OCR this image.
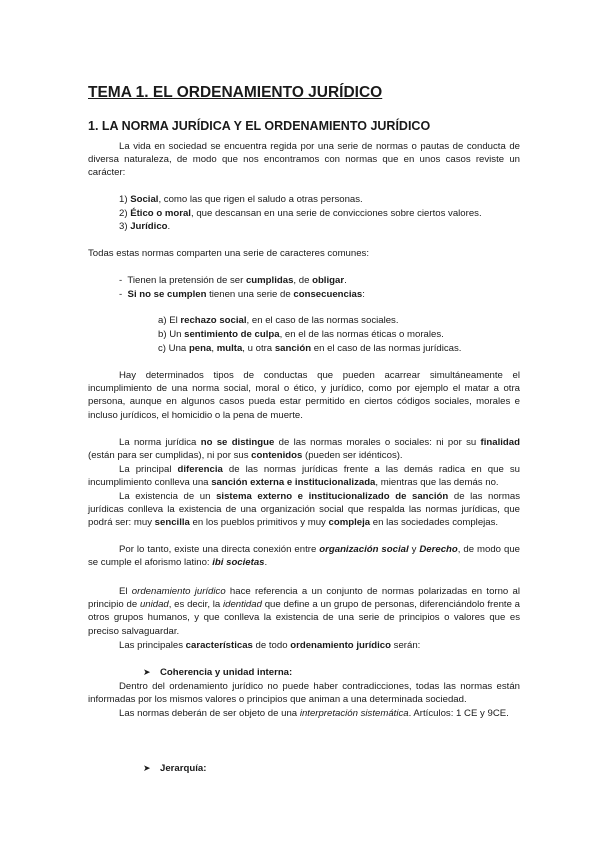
TEMA 1. EL ORDENAMIENTO JURÍDICO
1. LA NORMA JURÍDICA Y EL ORDENAMIENTO JURÍDICO
La vida en sociedad se encuentra regida por una serie de normas o pautas de conducta de diversa naturaleza, de modo que nos encontramos con normas que en unos casos reviste un carácter:
1) Social, como las que rigen el saludo a otras personas.
2) Ético o moral, que descansan en una serie de convicciones sobre ciertos valores.
3) Jurídico.
Todas estas normas comparten una serie de caracteres comunes:
- Tienen la pretensión de ser cumplidas, de obligar.
- Si no se cumplen tienen una serie de consecuencias:
a) El rechazo social, en el caso de las normas sociales.
b) Un sentimiento de culpa, en el de las normas éticas o morales.
c) Una pena, multa, u otra sanción en el caso de las normas jurídicas.
Hay determinados tipos de conductas que pueden acarrear simultáneamente el incumplimiento de una norma social, moral o ético, y jurídico, como por ejemplo el matar a otra persona, aunque en algunos casos pueda estar permitido en ciertos códigos sociales, morales e incluso jurídicos, el homicidio o la pena de muerte.
La norma jurídica no se distingue de las normas morales o sociales: ni por su finalidad (están para ser cumplidas), ni por sus contenidos (pueden ser idénticos).
La principal diferencia de las normas jurídicas frente a las demás radica en que su incumplimiento conlleva una sanción externa e institucionalizada, mientras que las demás no.
La existencia de un sistema externo e institucionalizado de sanción de las normas jurídicas conlleva la existencia de una organización social que respalda las normas jurídicas, que podrá ser: muy sencilla en los pueblos primitivos y muy compleja en las sociedades complejas.
Por lo tanto, existe una directa conexión entre organización social y Derecho, de modo que se cumple el aforismo latino: ibi societas.
El ordenamiento jurídico hace referencia a un conjunto de normas polarizadas en torno al principio de unidad, es decir, la identidad que define a un grupo de personas, diferenciándolo frente a otros grupos humanos, y que conlleva la existencia de una serie de principios o valores que es preciso salvaguardar.
Las principales características de todo ordenamiento jurídico serán:
➤ Coherencia y unidad interna:
Dentro del ordenamiento jurídico no puede haber contradicciones, todas las normas están informadas por los mismos valores o principios que animan a una determinada sociedad.
Las normas deberán de ser objeto de una interpretación sistemática. Artículos: 1 CE y 9CE.
➤ Jerarquía:
